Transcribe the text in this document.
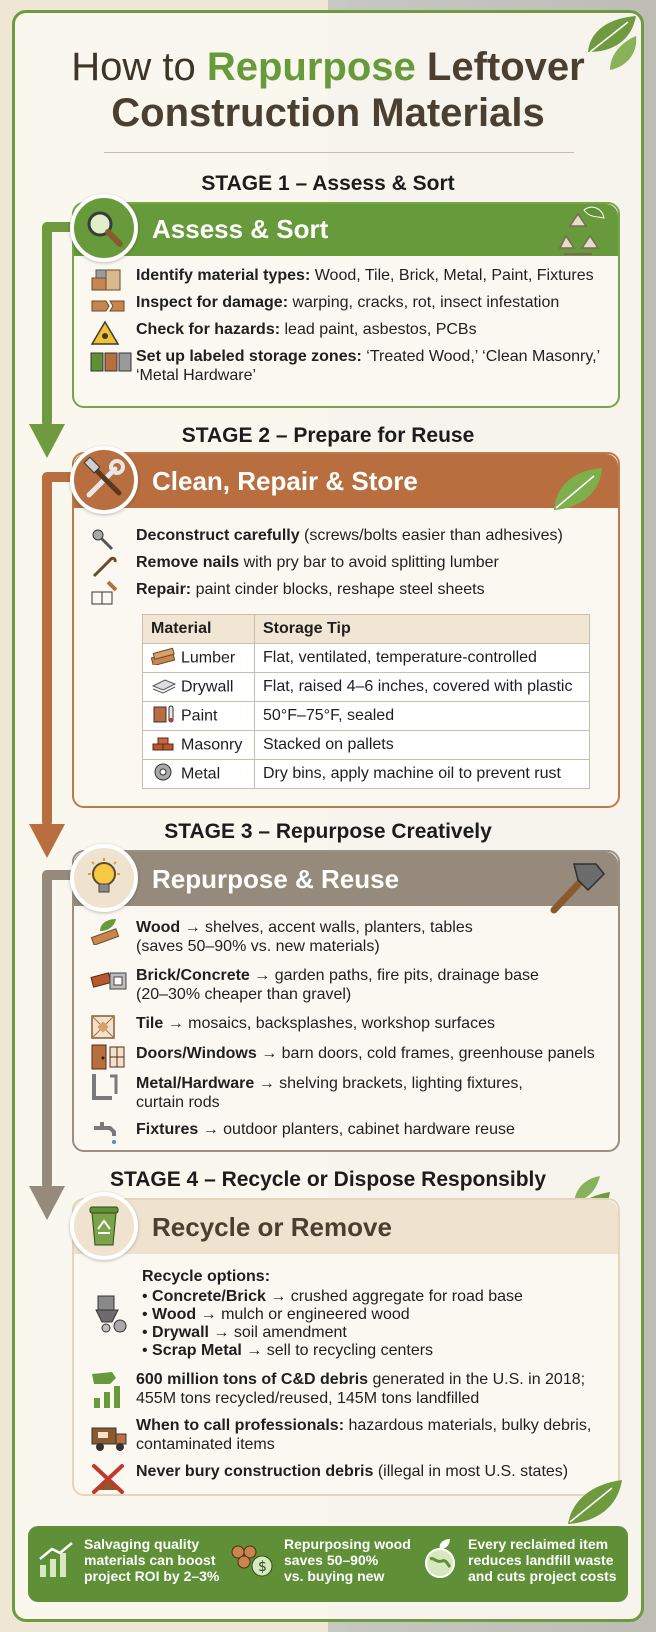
How to Repurpose Leftover
Construction Materials
STAGE 1 – Assess & Sort
Assess & Sort
Identify material types: Wood, Tile, Brick, Metal, Paint, Fixtures
Inspect for damage: warping, cracks, rot, insect infestation
Check for hazards: lead paint, asbestos, PCBs
Set up labeled storage zones: ‘Treated Wood,’ ‘Clean Masonry,’ ‘Metal Hardware’
STAGE 2 – Prepare for Reuse
Clean, Repair & Store
Deconstruct carefully (screws/bolts easier than adhesives)
Remove nails with pry bar to avoid splitting lumber
Repair: paint cinder blocks, reshape steel sheets
Material	Storage Tip
Lumber	Flat, ventilated, temperature-controlled
Drywall	Flat, raised 4–6 inches, covered with plastic
Paint	50°F–75°F, sealed
Masonry	Stacked on pallets
Metal	Dry bins, apply machine oil to prevent rust
STAGE 3 – Repurpose Creatively
Repurpose & Reuse
Wood → shelves, accent walls, planters, tables
(saves 50–90% vs. new materials)
Brick/Concrete → garden paths, fire pits, drainage base
(20–30% cheaper than gravel)
Tile → mosaics, backsplashes, workshop surfaces
Doors/Windows → barn doors, cold frames, greenhouse panels
Metal/Hardware → shelving brackets, lighting fixtures,
curtain rods
Fixtures → outdoor planters, cabinet hardware reuse
STAGE 4 – Recycle or Dispose Responsibly
Recycle or Remove
Recycle options:
• Concrete/Brick → crushed aggregate for road base
• Wood → mulch or engineered wood
• Drywall → soil amendment
• Scrap Metal → sell to recycling centers
600 million tons of C&D debris generated in the U.S. in 2018;
455M tons recycled/reused, 145M tons landfilled
When to call professionals: hazardous materials, bulky debris,
contaminated items
Never bury construction debris (illegal in most U.S. states)
Salvaging quality
materials can boost
project ROI by 2–3%
$
Repurposing wood
saves 50–90%
vs. buying new
Every reclaimed item
reduces landfill waste
and cuts project costs
